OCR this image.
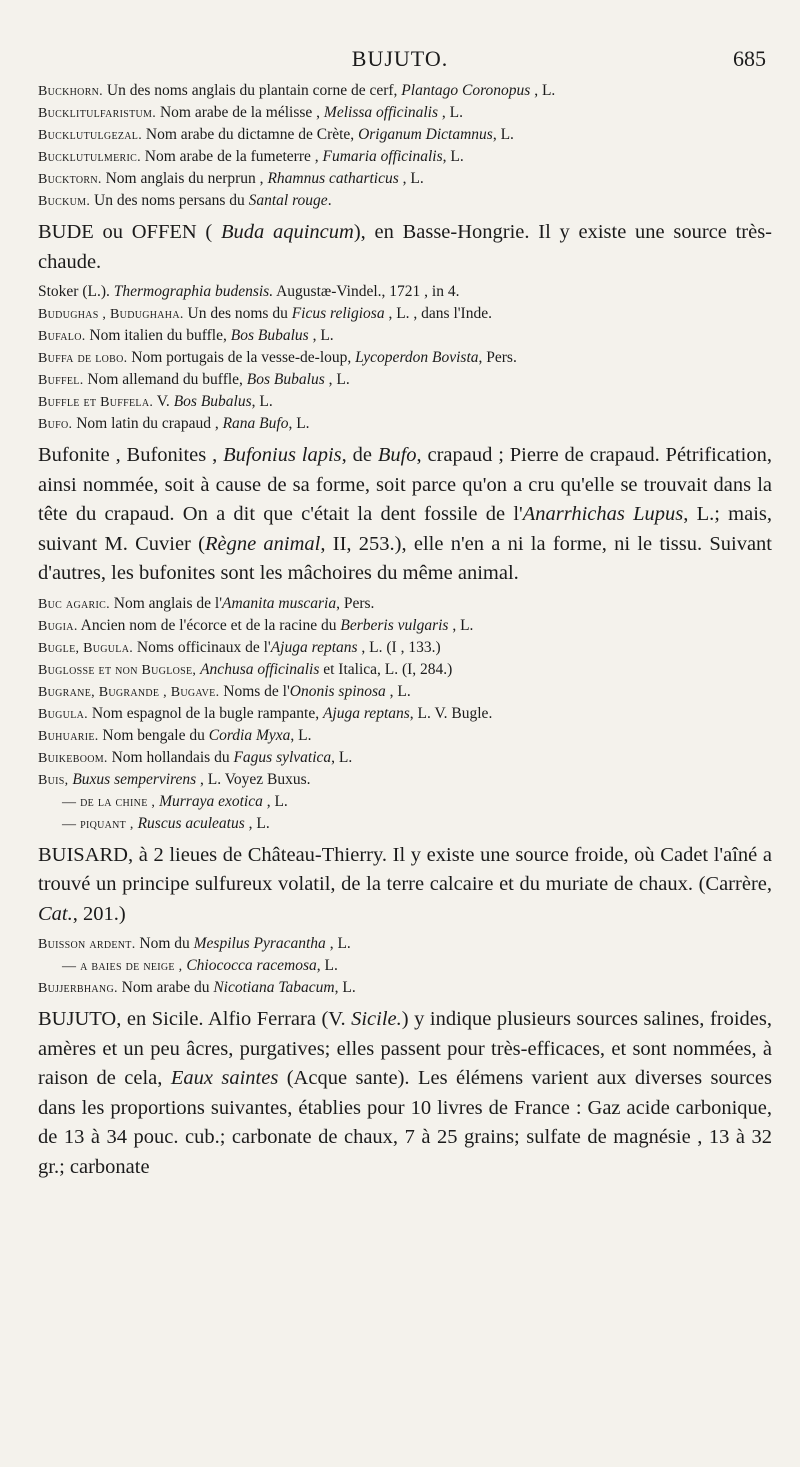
BUJUTO.	685

Buckhorn. Un des noms anglais du plantain corne de cerf, Plantago Coronopus , L.

Bucklitulfaristum. Nom arabe de la mélisse , Melissa officinalis , L.

Bucklutulgezal. Nom arabe du dictamne de Crète, Origanum Dictamnus, L.

Bucklutulmeric. Nom arabe de la fumeterre , Fumaria officinalis, L.

Bucktorn. Nom anglais du nerprun , Rhamnus catharticus , L.

Buckum. Un des noms persans du Santal rouge.

BUDE ou OFFEN ( Buda aquincum), en Basse-Hongrie. Il y existe une source très-chaude.

Stoker (L.). Thermographia budensis. Augustæ-Vindel., 1721 , in 4.

Budughas , Budughaha. Un des noms du Ficus religiosa , L. , dans l'Inde.

Bufalo. Nom italien du buffle, Bos Bubalus , L.

Buffa de lobo. Nom portugais de la vesse-de-loup, Lycoperdon Bovista, Pers.

Buffel. Nom allemand du buffle, Bos Bubalus , L.

Buffle et Buffela. V. Bos Bubalus, L.

Bufo. Nom latin du crapaud , Rana Bufo, L.

Bufonite , Bufonites , Bufonius lapis, de Bufo, crapaud ; Pierre de crapaud. Pétrification, ainsi nommée, soit à cause de sa forme, soit parce qu'on a cru qu'elle se trouvait dans la tête du crapaud. On a dit que c'était la dent fossile de l'Anarrhichas Lupus, L.; mais, suivant M. Cuvier (Règne animal, II, 253.), elle n'en a ni la forme, ni le tissu. Suivant d'autres, les bufonites sont les mâchoires du même animal.

Buc agaric. Nom anglais de l'Amanita muscaria, Pers.

Bugia. Ancien nom de l'écorce et de la racine du Berberis vulgaris , L.

Bugle, Bugula. Noms officinaux de l'Ajuga reptans , L. (I , 133.)

Buglosse et non Buglose, Anchusa officinalis et Italica, L. (I, 284.)

Bugrane, Bugrande , Bugave. Noms de l'Ononis spinosa , L.

Bugula. Nom espagnol de la bugle rampante, Ajuga reptans, L. V. Bugle.

Buhuarie. Nom bengale du Cordia Myxa, L.

Buikeboom. Nom hollandais du Fagus sylvatica, L.

Buis, Buxus sempervirens , L. Voyez Buxus.

— de la chine , Murraya exotica , L.

— piquant , Ruscus aculeatus , L.

BUISARD, à 2 lieues de Château-Thierry. Il y existe une source froide, où Cadet l'aîné a trouvé un principe sulfureux volatil, de la terre calcaire et du muriate de chaux. (Carrère, Cat., 201.)

Buisson ardent. Nom du Mespilus Pyracantha , L.

— a baies de neige , Chiococca racemosa, L.

Bujjerbhang. Nom arabe du Nicotiana Tabacum, L.

BUJUTO, en Sicile. Alfio Ferrara (V. Sicile.) y indique plusieurs sources salines, froides, amères et un peu âcres, purgatives; elles passent pour très-efficaces, et sont nommées, à raison de cela, Eaux saintes (Acque sante). Les élémens varient aux diverses sources dans les proportions suivantes, établies pour 10 livres de France : Gaz acide carbonique, de 13 à 34 pouc. cub.; carbonate de chaux, 7 à 25 grains; sulfate de magnésie , 13 à 32 gr.; carbonate
